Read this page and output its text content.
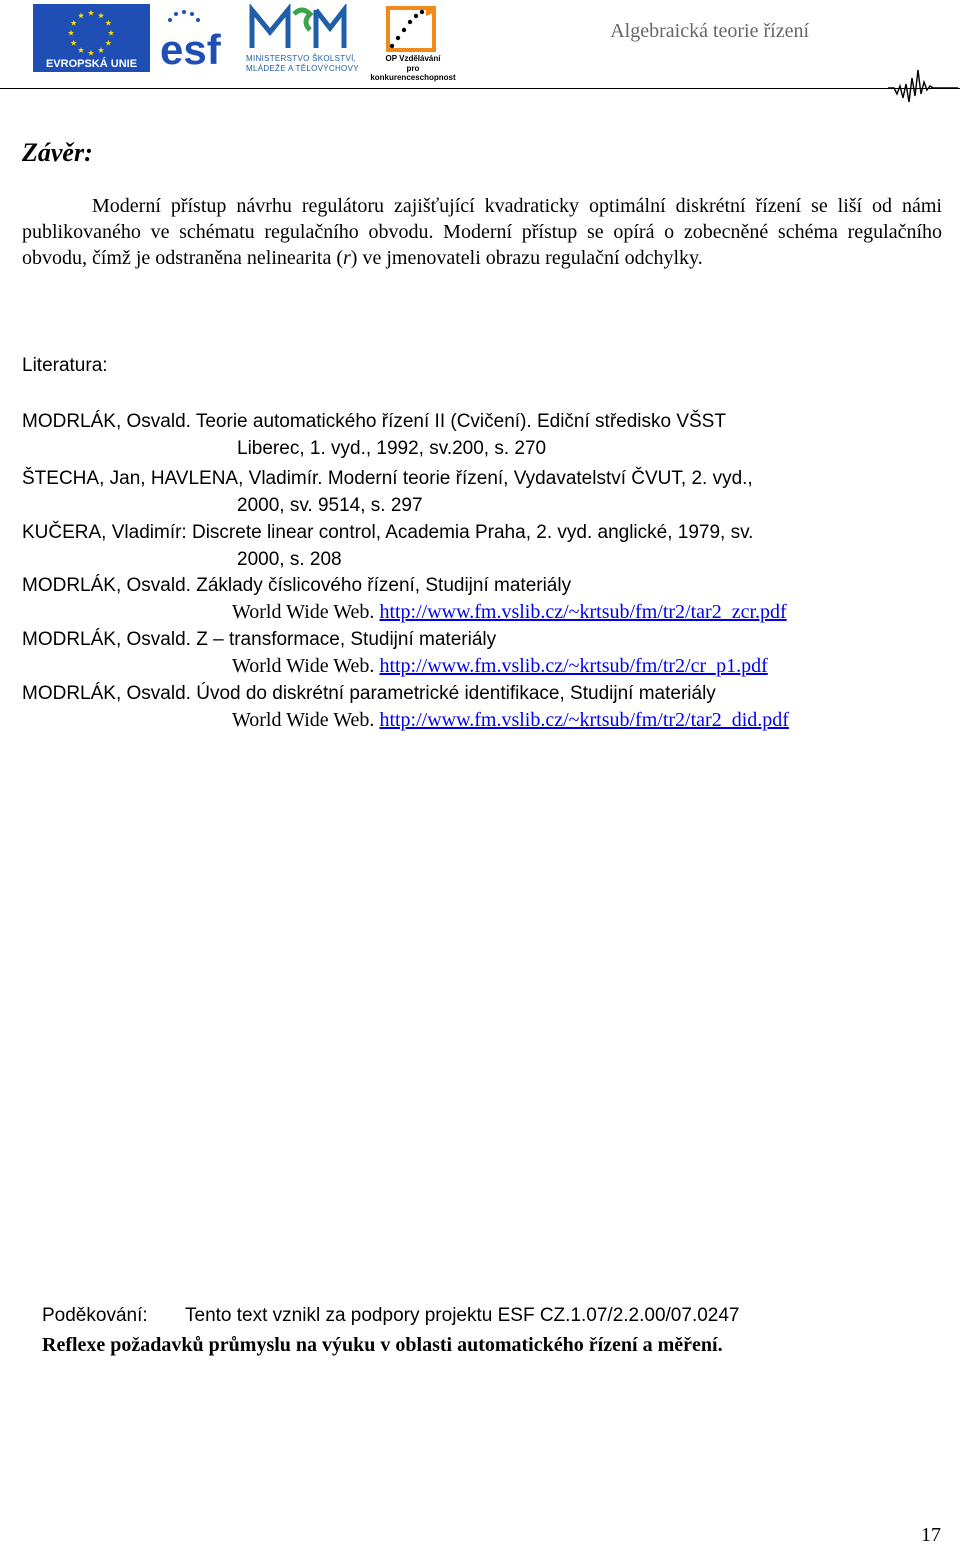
EVROPSKÁ UNIE esf	MINISTERSTVO ŠKOLSTVÍ,
MLÁDEŽE A TĚLOVÝCHOVY
OP Vzdělávání
pro konkurenceschopnost
Algebraická teorie řízení
Závěr:

Moderní přístup návrhu regulátoru zajišťující kvadraticky optimální diskrétní řízení se liší od námi publikovaného ve schématu regulačního obvodu. Moderní přístup se opírá o zobecněné schéma regulačního obvodu, čímž je odstraněna nelinearita (r) ve jmenovateli obrazu regulační odchylky.

Literatura:
MODRLÁK, Osvald. Teorie automatického řízení II (Cvičení). Ediční středisko VŠST
Liberec, 1. vyd., 1992, sv.200, s. 270
ŠTECHA, Jan, HAVLENA, Vladimír. Moderní teorie řízení, Vydavatelství ČVUT, 2. vyd.,
2000, sv. 9514, s. 297
KUČERA, Vladimír: Discrete linear control, Academia Praha, 2. vyd. anglické, 1979, sv.
2000, s. 208
MODRLÁK, Osvald. Základy číslicového řízení, Studijní materiály
World Wide Web. http://www.fm.vslib.cz/~krtsub/fm/tr2/tar2_zcr.pdf
MODRLÁK, Osvald. Z – transformace, Studijní materiály
World Wide Web. http://www.fm.vslib.cz/~krtsub/fm/tr2/cr_p1.pdf
MODRLÁK, Osvald. Úvod do diskrétní parametrické identifikace, Studijní materiály
World Wide Web. http://www.fm.vslib.cz/~krtsub/fm/tr2/tar2_did.pdf
Poděkování: Tento text vznikl za podpory projektu ESF CZ.1.07/2.2.00/07.0247
Reflexe požadavků průmyslu na výuku v oblasti automatického řízení a měření.
17
